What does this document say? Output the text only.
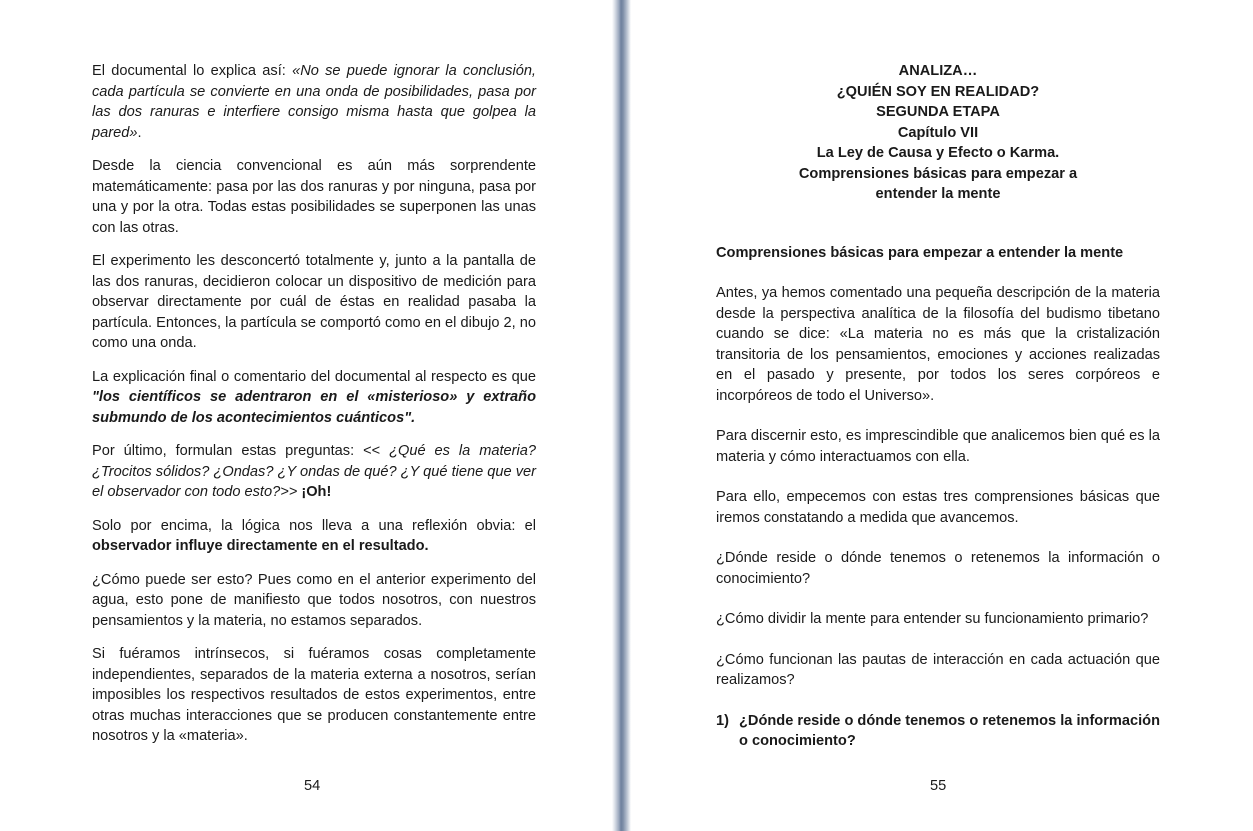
El documental lo explica así: «No se puede ignorar la conclusión, cada partícula se convierte en una onda de posibilidades, pasa por las dos ranuras e interfiere consigo misma hasta que golpea la pared».

Desde la ciencia convencional es aún más sorprendente matemáticamente: pasa por las dos ranuras y por ninguna, pasa por una y por la otra. Todas estas posibilidades se superponen las unas con las otras.

El experimento les desconcertó totalmente y, junto a la pantalla de las dos ranuras, decidieron colocar un dispositivo de medición para observar directamente por cuál de éstas en realidad pasaba la partícula. Entonces, la partícula se comportó como en el dibujo 2, no como una onda.

La explicación final o comentario del documental al respecto es que "los científicos se adentraron en el «misterioso» y extraño submundo de los acontecimientos cuánticos".

Por último, formulan estas preguntas: << ¿Qué es la materia? ¿Trocitos sólidos? ¿Ondas? ¿Y ondas de qué? ¿Y qué tiene que ver el observador con todo esto?>> ¡Oh!

Solo por encima, la lógica nos lleva a una reflexión obvia: el observador influye directamente en el resultado.

¿Cómo puede ser esto? Pues como en el anterior experimento del agua, esto pone de manifiesto que todos nosotros, con nuestros pensamientos y la materia, no estamos separados.

Si fuéramos intrínsecos, si fuéramos cosas completamente independientes, separados de la materia externa a nosotros, serían imposibles los respectivos resultados de estos experimentos, entre otras muchas interacciones que se producen constantemente entre nosotros y la «materia».

54
ANALIZA…
¿QUIÉN SOY EN REALIDAD?
SEGUNDA ETAPA
Capítulo VII
La Ley de Causa y Efecto o Karma.
Comprensiones básicas para empezar a
entender la mente
Comprensiones básicas para empezar a entender la mente

Antes, ya hemos comentado una pequeña descripción de la materia desde la perspectiva analítica de la filosofía del budismo tibetano cuando se dice: «La materia no es más que la cristalización transitoria de los pensamientos, emociones y acciones realizadas en el pasado y presente, por todos los seres corpóreos e incorpóreos de todo el Universo».

Para discernir esto, es imprescindible que analicemos bien qué es la materia y cómo interactuamos con ella.

Para ello, empecemos con estas tres comprensiones básicas que iremos constatando a medida que avancemos.

¿Dónde reside o dónde tenemos o retenemos la información o conocimiento?

¿Cómo dividir la mente para entender su funcionamiento primario?

¿Cómo funcionan las pautas de interacción en cada actuación que realizamos?

1) ¿Dónde reside o dónde tenemos o retenemos la información o conocimiento?
55
